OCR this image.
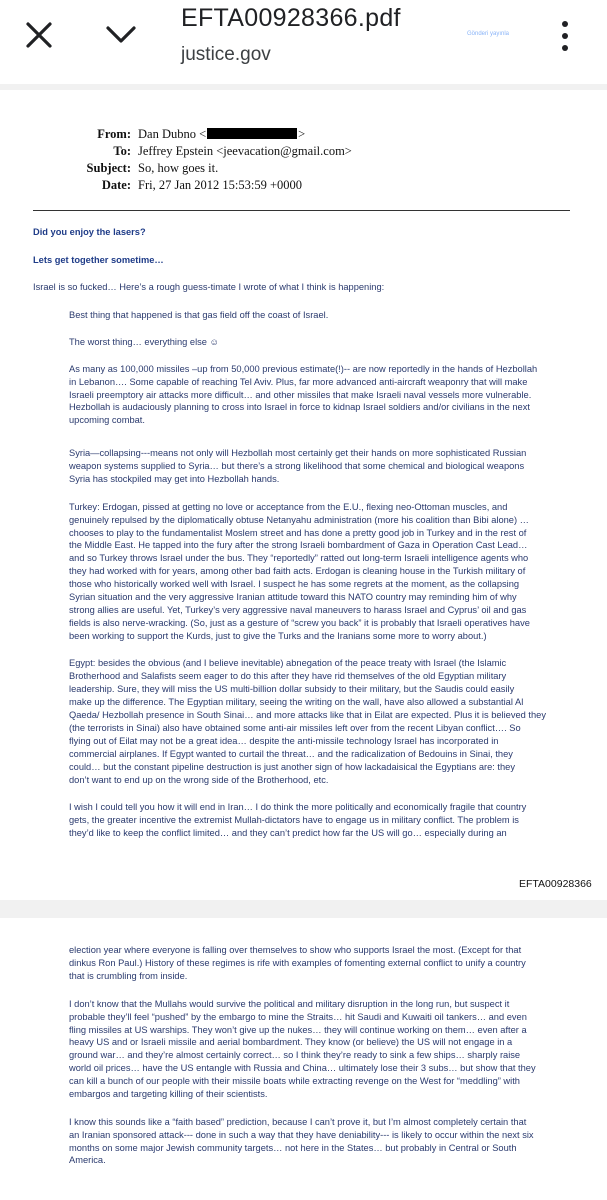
EFTA00928366.pdf
justice.gov
Gönderi yayınla
From: Dan Dubno <	>
To: Jeffrey Epstein <jeevacation@gmail.com>
Subject: So, how goes it.
Date: Fri, 27 Jan 2012 15:53:59 +0000
Did you enjoy the lasers?
Lets get together sometime…
Israel is so fucked… Here’s a rough guess-timate I wrote of what I think is happening:
Best thing that happened is that gas field off the coast of Israel.
The worst thing… everything else ☺
As many as 100,000 missiles –up from 50,000 previous estimate(!)-- are now reportedly in the hands of Hezbollah
in Lebanon…. Some capable of reaching Tel Aviv. Plus, far more advanced anti-aircraft weaponry that will make
Israeli preemptory air attacks more difficult… and other missiles that make Israeli naval vessels more vulnerable.
Hezbollah is audaciously planning to cross into Israel in force to kidnap Israel soldiers and/or civilians in the next
upcoming combat.
Syria—collapsing---means not only will Hezbollah most certainly get their hands on more sophisticated Russian
weapon systems supplied to Syria… but there’s a strong likelihood that some chemical and biological weapons
Syria has stockpiled may get into Hezbollah hands.
Turkey: Erdogan, pissed at getting no love or acceptance from the E.U., flexing neo-Ottoman muscles, and
genuinely repulsed by the diplomatically obtuse Netanyahu administration (more his coalition than Bibi alone) …
chooses to play to the fundamentalist Moslem street and has done a pretty good job in Turkey and in the rest of
the Middle East. He tapped into the fury after the strong Israeli bombardment of Gaza in Operation Cast Lead…
and so Turkey throws Israel under the bus. They “reportedly” ratted out long-term Israeli intelligence agents who
they had worked with for years, among other bad faith acts. Erdogan is cleaning house in the Turkish military of
those who historically worked well with Israel. I suspect he has some regrets at the moment, as the collapsing
Syrian situation and the very aggressive Iranian attitude toward this NATO country may reminding him of why
strong allies are useful. Yet, Turkey’s very aggressive naval maneuvers to harass Israel and Cyprus’ oil and gas
fields is also nerve-wracking. (So, just as a gesture of “screw you back” it is probably that Israeli operatives have
been working to support the Kurds, just to give the Turks and the Iranians some more to worry about.)
Egypt: besides the obvious (and I believe inevitable) abnegation of the peace treaty with Israel (the Islamic
Brotherhood and Salafists seem eager to do this after they have rid themselves of the old Egyptian military
leadership. Sure, they will miss the US multi-billion dollar subsidy to their military, but the Saudis could easily
make up the difference. The Egyptian military, seeing the writing on the wall, have also allowed a substantial Al
Qaeda/ Hezbollah presence in South Sinai… and more attacks like that in Eilat are expected. Plus it is believed they
(the terrorists in Sinai) also have obtained some anti-air missiles left over from the recent Libyan conflict…. So
flying out of Eilat may not be a great idea… despite the anti-missile technology Israel has incorporated in
commercial airplanes. If Egypt wanted to curtail the threat… and the radicalization of Bedouins in Sinai, they
could… but the constant pipeline destruction is just another sign of how lackadaisical the Egyptians are: they
don’t want to end up on the wrong side of the Brotherhood, etc.
I wish I could tell you how it will end in Iran… I do think the more politically and economically fragile that country
gets, the greater incentive the extremist Mullah-dictators have to engage us in military conflict. The problem is
they’d like to keep the conflict limited… and they can’t predict how far the US will go… especially during an
EFTA00928366
election year where everyone is falling over themselves to show who supports Israel the most. (Except for that
dinkus Ron Paul.) History of these regimes is rife with examples of fomenting external conflict to unify a country
that is crumbling from inside.
I don’t know that the Mullahs would survive the political and military disruption in the long run, but suspect it
probable they’ll feel “pushed” by the embargo to mine the Straits… hit Saudi and Kuwaiti oil tankers… and even
fling missiles at US warships. They won’t give up the nukes… they will continue working on them… even after a
heavy US and or Israeli missile and aerial bombardment. They know (or believe) the US will not engage in a
ground war… and they’re almost certainly correct… so I think they’re ready to sink a few ships… sharply raise
world oil prices… have the US entangle with Russia and China… ultimately lose their 3 subs… but show that they
can kill a bunch of our people with their missile boats while extracting revenge on the West for “meddling” with
embargos and targeting killing of their scientists.
I know this sounds like a “faith based” prediction, because I can’t prove it, but I’m almost completely certain that
an Iranian sponsored attack--- done in such a way that they have deniability--- is likely to occur within the next six
months on some major Jewish community targets… not here in the States… but probably in Central or South
America.
